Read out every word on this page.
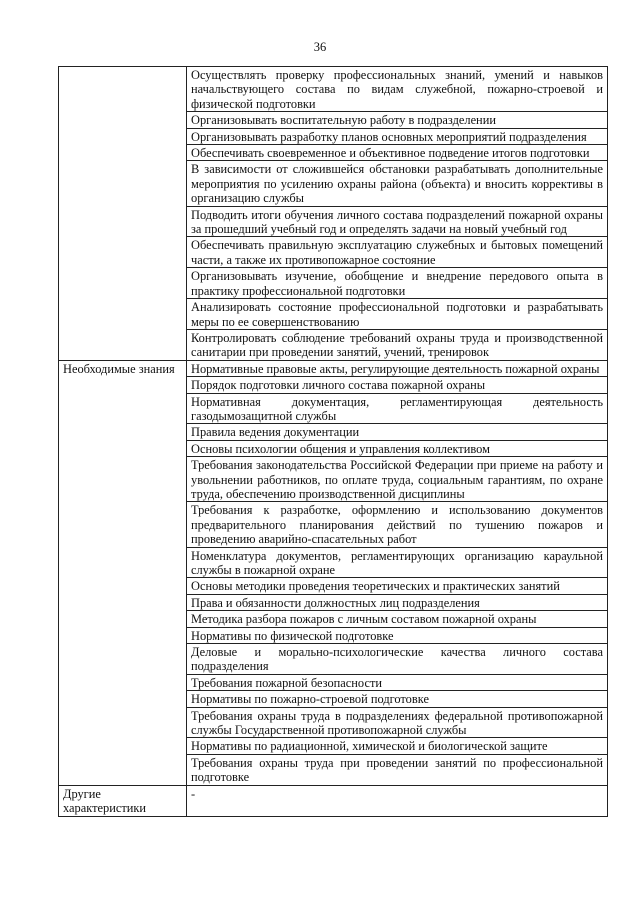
36
	Осуществлять проверку профессиональных знаний, умений и навыков начальствующего состава по видам служебной, пожарно-строевой и физической подготовки
	Организовывать воспитательную работу в подразделении
	Организовывать разработку планов основных мероприятий подразделения
	Обеспечивать своевременное и объективное подведение итогов подготовки
	В зависимости от сложившейся обстановки разрабатывать дополнительные мероприятия по усилению охраны района (объекта) и вносить коррективы в организацию службы
	Подводить итоги обучения личного состава подразделений пожарной охраны за прошедший учебный год и определять задачи на новый учебный год
	Обеспечивать правильную эксплуатацию служебных и бытовых помещений части, а также их противопожарное состояние
	Организовывать изучение, обобщение и внедрение передового опыта в практику профессиональной подготовки
	Анализировать состояние профессиональной подготовки и разрабатывать меры по ее совершенствованию
	Контролировать соблюдение требований охраны труда и производственной санитарии при проведении занятий, учений, тренировок
Необходимые знания	Нормативные правовые акты, регулирующие деятельность пожарной охраны
	Порядок подготовки личного состава пожарной охраны
	Нормативная документация, регламентирующая деятельность газодымозащитной службы
	Правила ведения документации
	Основы психологии общения и управления коллективом
	Требования законодательства Российской Федерации при приеме на работу и увольнении работников, по оплате труда, социальным гарантиям, по охране труда, обеспечению производственной дисциплины
	Требования к разработке, оформлению и использованию документов предварительного планирования действий по тушению пожаров и проведению аварийно-спасательных работ
	Номенклатура документов, регламентирующих организацию караульной службы в пожарной охране
	Основы методики проведения теоретических и практических занятий
	Права и обязанности должностных лиц подразделения
	Методика разбора пожаров с личным составом пожарной охраны
	Нормативы по физической подготовке
	Деловые и морально-психологические качества личного состава подразделения
	Требования пожарной безопасности
	Нормативы по пожарно-строевой подготовке
	Требования охраны труда в подразделениях федеральной противопожарной службы Государственной противопожарной службы
	Нормативы по радиационной, химической и биологической защите
	Требования охраны труда при проведении занятий по профессиональной подготовке
Другие характеристики	-
